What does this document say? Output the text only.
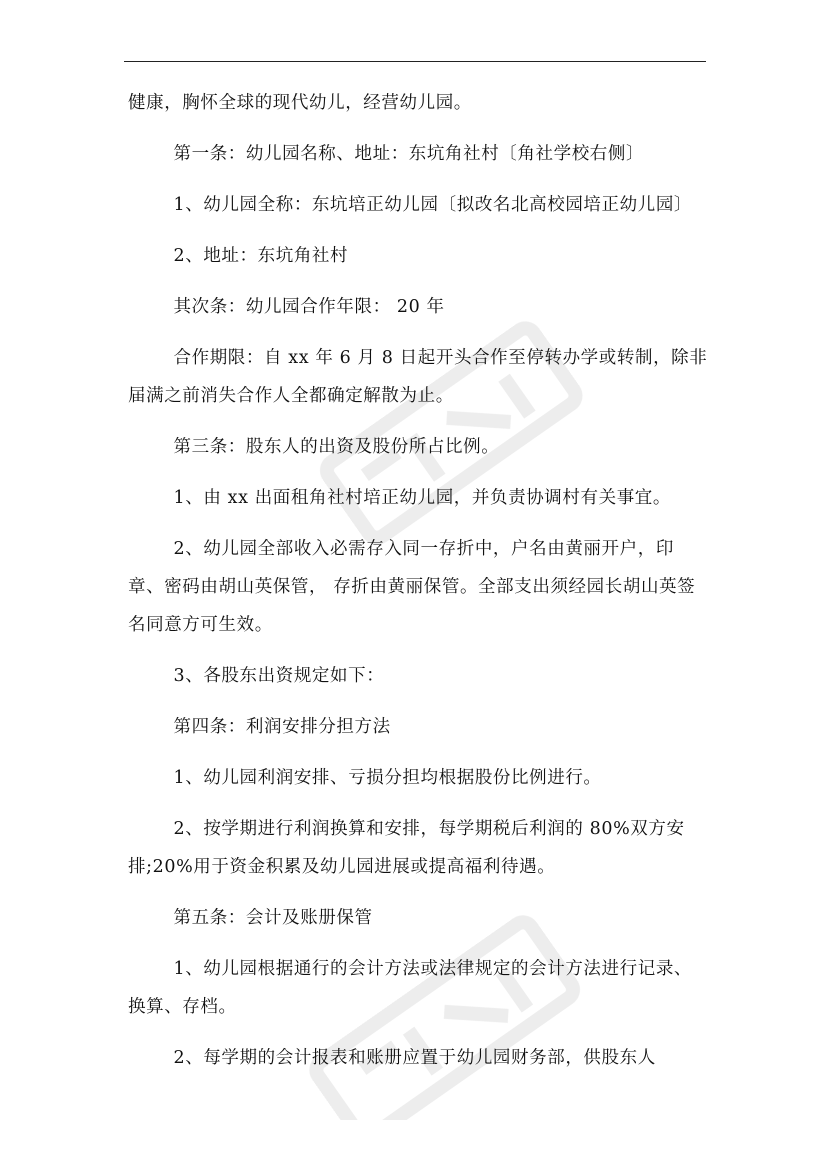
健康，胸怀全球的现代幼儿，经营幼儿园。

第一条：幼儿园名称、地址：东坑角社村〔角社学校右侧〕

1、幼儿园全称：东坑培正幼儿园〔拟改名北高校园培正幼儿园〕

2、地址：东坑角社村

其次条：幼儿园合作年限： 20 年

合作期限：自 xx 年 6 月 8 日起开头合作至停转办学或转制，除非届满之前消失合作人全都确定解散为止。

第三条：股东人的出资及股份所占比例。

1、由 xx 出面租角社村培正幼儿园，并负责协调村有关事宜。

2、幼儿园全部收入必需存入同一存折中，户名由黄丽开户，印章、密码由胡山英保管， 存折由黄丽保管。全部支出须经园长胡山英签名同意方可生效。

3、各股东出资规定如下：

第四条：利润安排分担方法

1、幼儿园利润安排、亏损分担均根据股份比例进行。

2、按学期进行利润换算和安排，每学期税后利润的 80%双方安排;20%用于资金积累及幼儿园进展或提高福利待遇。

第五条：会计及账册保管

1、幼儿园根据通行的会计方法或法律规定的会计方法进行记录、换算、存档。

2、每学期的会计报表和账册应置于幼儿园财务部，供股东人
